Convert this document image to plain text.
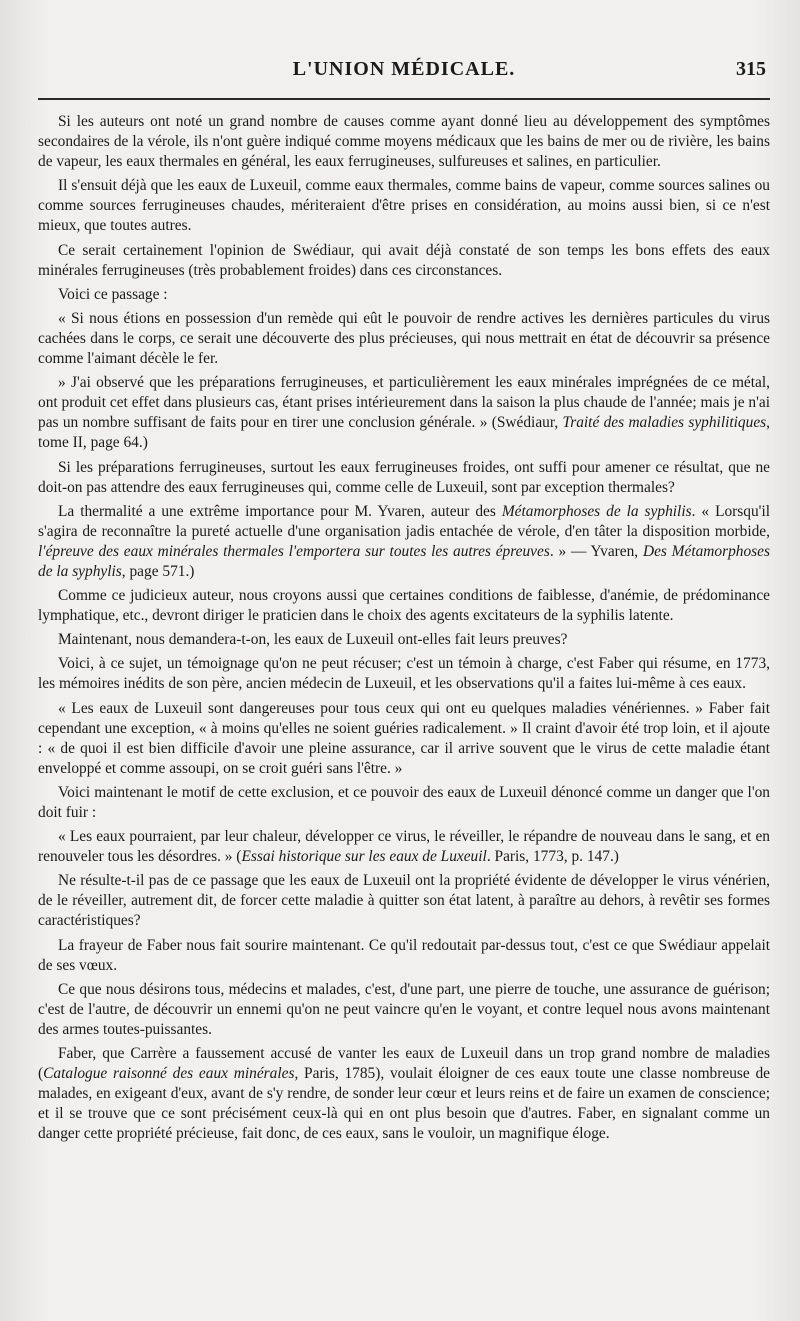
L'UNION MÉDICALE.	315

Si les auteurs ont noté un grand nombre de causes comme ayant donné lieu au développement des symptômes secondaires de la vérole, ils n'ont guère indiqué comme moyens médicaux que les bains de mer ou de rivière, les bains de vapeur, les eaux thermales en général, les eaux ferrugineuses, sulfureuses et salines, en particulier.

Il s'ensuit déjà que les eaux de Luxeuil, comme eaux thermales, comme bains de vapeur, comme sources salines ou comme sources ferrugineuses chaudes, mériteraient d'être prises en considération, au moins aussi bien, si ce n'est mieux, que toutes autres.

Ce serait certainement l'opinion de Swédiaur, qui avait déjà constaté de son temps les bons effets des eaux minérales ferrugineuses (très probablement froides) dans ces circonstances.

Voici ce passage :

« Si nous étions en possession d'un remède qui eût le pouvoir de rendre actives les dernières particules du virus cachées dans le corps, ce serait une découverte des plus précieuses, qui nous mettrait en état de découvrir sa présence comme l'aimant décèle le fer.

» J'ai observé que les préparations ferrugineuses, et particulièrement les eaux minérales imprégnées de ce métal, ont produit cet effet dans plusieurs cas, étant prises intérieurement dans la saison la plus chaude de l'année; mais je n'ai pas un nombre suffisant de faits pour en tirer une conclusion générale. » (Swédiaur, Traité des maladies syphilitiques, tome II, page 64.)

Si les préparations ferrugineuses, surtout les eaux ferrugineuses froides, ont suffi pour amener ce résultat, que ne doit-on pas attendre des eaux ferrugineuses qui, comme celle de Luxeuil, sont par exception thermales?

La thermalité a une extrême importance pour M. Yvaren, auteur des Métamorphoses de la syphilis. « Lorsqu'il s'agira de reconnaître la pureté actuelle d'une organisation jadis entachée de vérole, d'en tâter la disposition morbide, l'épreuve des eaux minérales thermales l'emportera sur toutes les autres épreuves. » — Yvaren, Des Métamorphoses de la syphylis, page 571.)

Comme ce judicieux auteur, nous croyons aussi que certaines conditions de faiblesse, d'anémie, de prédominance lymphatique, etc., devront diriger le praticien dans le choix des agents excitateurs de la syphilis latente.

Maintenant, nous demandera-t-on, les eaux de Luxeuil ont-elles fait leurs preuves?

Voici, à ce sujet, un témoignage qu'on ne peut récuser; c'est un témoin à charge, c'est Faber qui résume, en 1773, les mémoires inédits de son père, ancien médecin de Luxeuil, et les observations qu'il a faites lui-même à ces eaux.

« Les eaux de Luxeuil sont dangereuses pour tous ceux qui ont eu quelques maladies vénériennes. » Faber fait cependant une exception, « à moins qu'elles ne soient guéries radicalement. » Il craint d'avoir été trop loin, et il ajoute : « de quoi il est bien difficile d'avoir une pleine assurance, car il arrive souvent que le virus de cette maladie étant enveloppé et comme assoupi, on se croit guéri sans l'être. »

Voici maintenant le motif de cette exclusion, et ce pouvoir des eaux de Luxeuil dénoncé comme un danger que l'on doit fuir :

« Les eaux pourraient, par leur chaleur, développer ce virus, le réveiller, le répandre de nouveau dans le sang, et en renouveler tous les désordres. » (Essai historique sur les eaux de Luxeuil. Paris, 1773, p. 147.)

Ne résulte-t-il pas de ce passage que les eaux de Luxeuil ont la propriété évidente de développer le virus vénérien, de le réveiller, autrement dit, de forcer cette maladie à quitter son état latent, à paraître au dehors, à revêtir ses formes caractéristiques?

La frayeur de Faber nous fait sourire maintenant. Ce qu'il redoutait par-dessus tout, c'est ce que Swédiaur appelait de ses vœux.

Ce que nous désirons tous, médecins et malades, c'est, d'une part, une pierre de touche, une assurance de guérison; c'est de l'autre, de découvrir un ennemi qu'on ne peut vaincre qu'en le voyant, et contre lequel nous avons maintenant des armes toutes-puissantes.

Faber, que Carrère a faussement accusé de vanter les eaux de Luxeuil dans un trop grand nombre de maladies (Catalogue raisonné des eaux minérales, Paris, 1785), voulait éloigner de ces eaux toute une classe nombreuse de malades, en exigeant d'eux, avant de s'y rendre, de sonder leur cœur et leurs reins et de faire un examen de conscience; et il se trouve que ce sont précisément ceux-là qui en ont plus besoin que d'autres. Faber, en signalant comme un danger cette propriété précieuse, fait donc, de ces eaux, sans le vouloir, un magnifique éloge.
